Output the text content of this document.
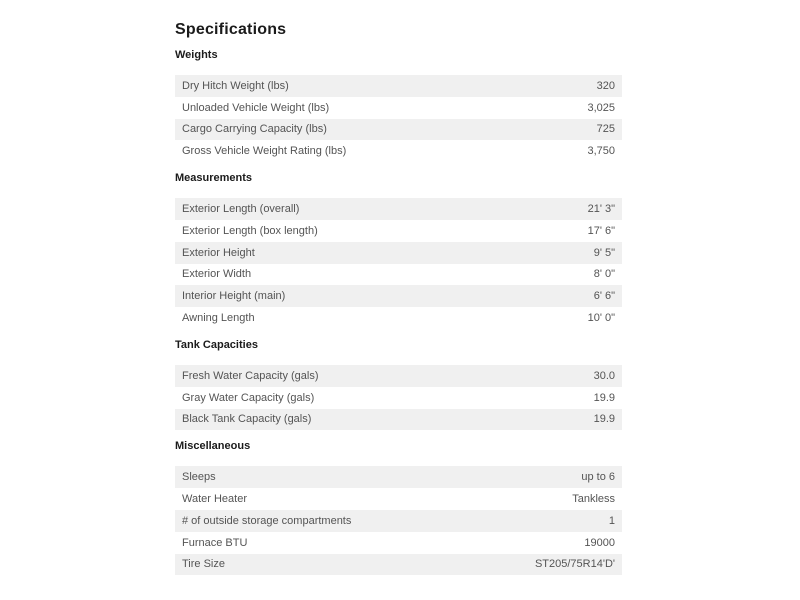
Specifications
Weights
Dry Hitch Weight (lbs)	320
Unloaded Vehicle Weight (lbs)	3,025
Cargo Carrying Capacity (lbs)	725
Gross Vehicle Weight Rating (lbs)	3,750
Measurements
Exterior Length (overall)	21' 3"
Exterior Length (box length)	17' 6"
Exterior Height	9' 5"
Exterior Width	8' 0"
Interior Height (main)	6' 6"
Awning Length	10' 0"
Tank Capacities
Fresh Water Capacity (gals)	30.0
Gray Water Capacity (gals)	19.9
Black Tank Capacity (gals)	19.9
Miscellaneous
Sleeps	up to 6
Water Heater	Tankless
# of outside storage compartments	1
Furnace BTU	19000
Tire Size	ST205/75R14'D'
